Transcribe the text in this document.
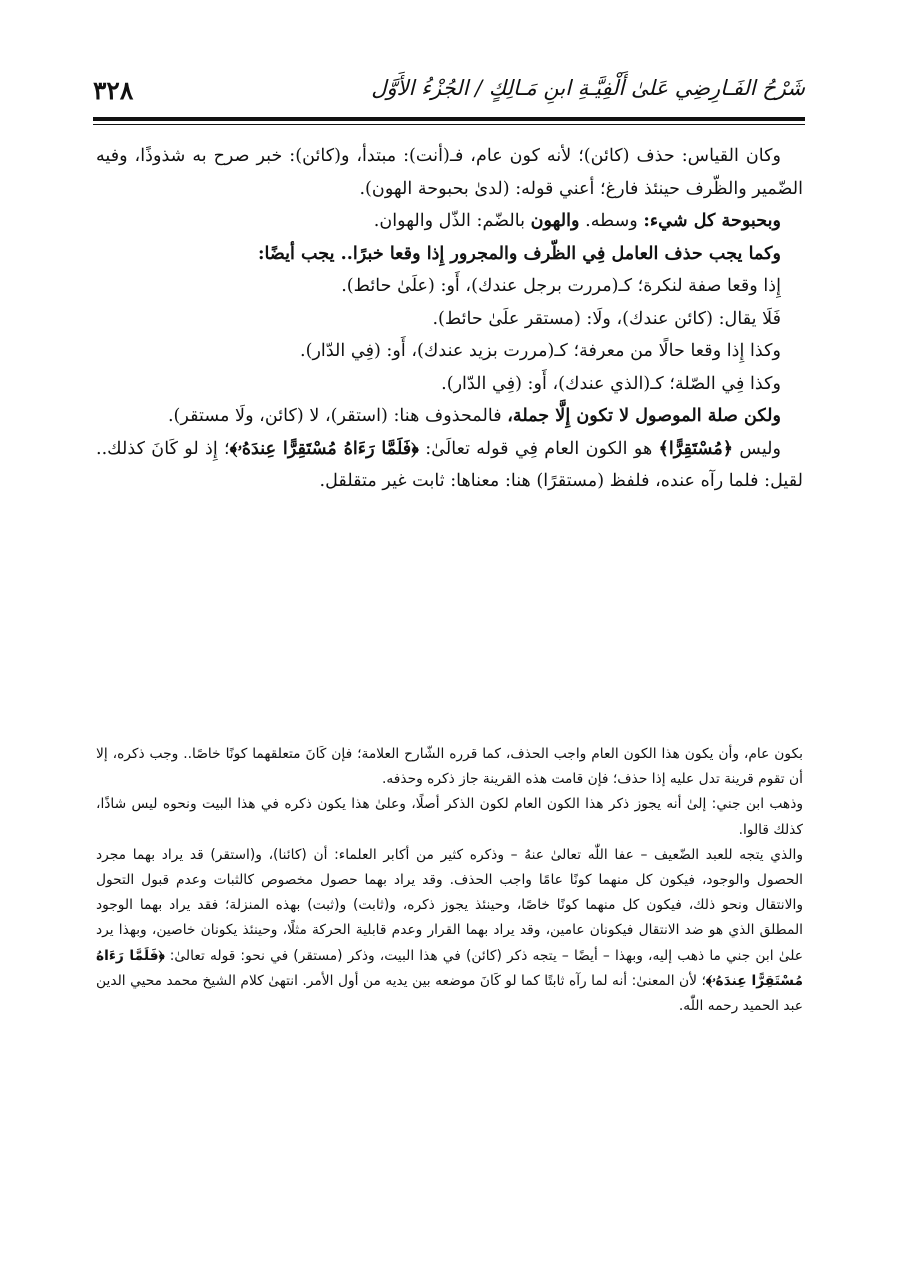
٣٢٨	شَرْحُ الفَـارِضِي عَلىٰ أَلْفِيَّـةِ ابنِ مَـالِكٍ / الجُزْءُ الأَوَّل

وكان القياس: حذف (كائن)؛ لأنه كون عام، فـ(أنت): مبتدأ، و(كائن): خبر صرح به شذوذًا، وفيه الضّمير والظّرف حينئذ فارغ؛ أعني قوله: (لدىٰ بحبوحة الهون).

وبحبوحة كل شيء: وسطه. والهون بالضّم: الذّل والهوان.

وكما يجب حذف العامل فِي الظّرف والمجرور إِذا وقعا خبرًا.. يجب أيضًا:

إِذا وقعا صفة لنكرة؛ كـ(مررت برجل عندك)، أَو: (علَىٰ حائط).

فَلَا يقال: (كائن عندك)، ولَا: (مستقر علَىٰ حائط).

وكذا إِذا وقعا حالًا من معرفة؛ كـ(مررت بزيد عندك)، أَو: (فِي الدّار).

وكذا فِي الصّلة؛ كـ(الذي عندك)، أَو: (فِي الدّار).

ولكن صلة الموصول لا تكون إِلَّا جملة، فالمحذوف هنا: (استقر)، لا (كائن، ولَا مستقر).

وليس ﴿مُسْتَقِرًّا﴾ هو الكون العام فِي قوله تعالَىٰ: ﴿فَلَمَّا رَءَاهُ مُسْتَقِرًّا عِندَهُۥ﴾؛ إِذ لو كَانَ كذلك.. لقيل: فلما رآه عنده، فلفظ (مستقرًا) هنا: معناها: ثابت غير متقلقل.

بكون عام، وأن يكون هذا الكون العام واجب الحذف، كما قرره الشّارح العلامة؛ فإن كَانَ متعلقهما كونًا خاصًا.. وجب ذكره، إلا أن تقوم قرينة تدل عليه إذا حذف؛ فإن قامت هذه القرينة جاز ذكره وحذفه.

وذهب ابن جني: إلىٰ أنه يجوز ذكر هذا الكون العام لكون الذكر أصلًا، وعلىٰ هذا يكون ذكره في هذا البيت ونحوه ليس شاذًا، كذلك قالوا.

والذي يتجه للعبد الضّعيف – عفا اللّٰه تعالىٰ عنهُ – وذكره كثير من أكابر العلماء: أن (كائنا)، و(استقر) قد يراد بهما مجرد الحصول والوجود، فيكون كل منهما كونًا عامًا واجب الحذف. وقد يراد بهما حصول مخصوص كالثبات وعدم قبول التحول والانتقال ونحو ذلك، فيكون كل منهما كونًا خاصًا، وحينئذ يجوز ذكره، و(ثابت) و(ثبت) بهذه المنزلة؛ فقد يراد بهما الوجود المطلق الذي هو ضد الانتقال فيكونان عامين، وقد يراد بهما القرار وعدم قابلية الحركة مثلًا، وحينئذ يكونان خاصين، وبهذا يرد علىٰ ابن جني ما ذهب إليه، وبهذا – أيضًا – يتجه ذكر (كائن) في هذا البيت، وذكر (مستقر) في نحو: قوله تعالىٰ: ﴿فَلَمَّا رَءَاهُ مُسْتَقِرًّا عِندَهُۥ﴾؛ لأن المعنىٰ: أنه لما رآه ثابتًا كما لو كَانَ موضعه بين يديه من أول الأمر. انتهىٰ كلام الشيخ محمد محيي الدين عبد الحميد رحمه اللّٰه.
